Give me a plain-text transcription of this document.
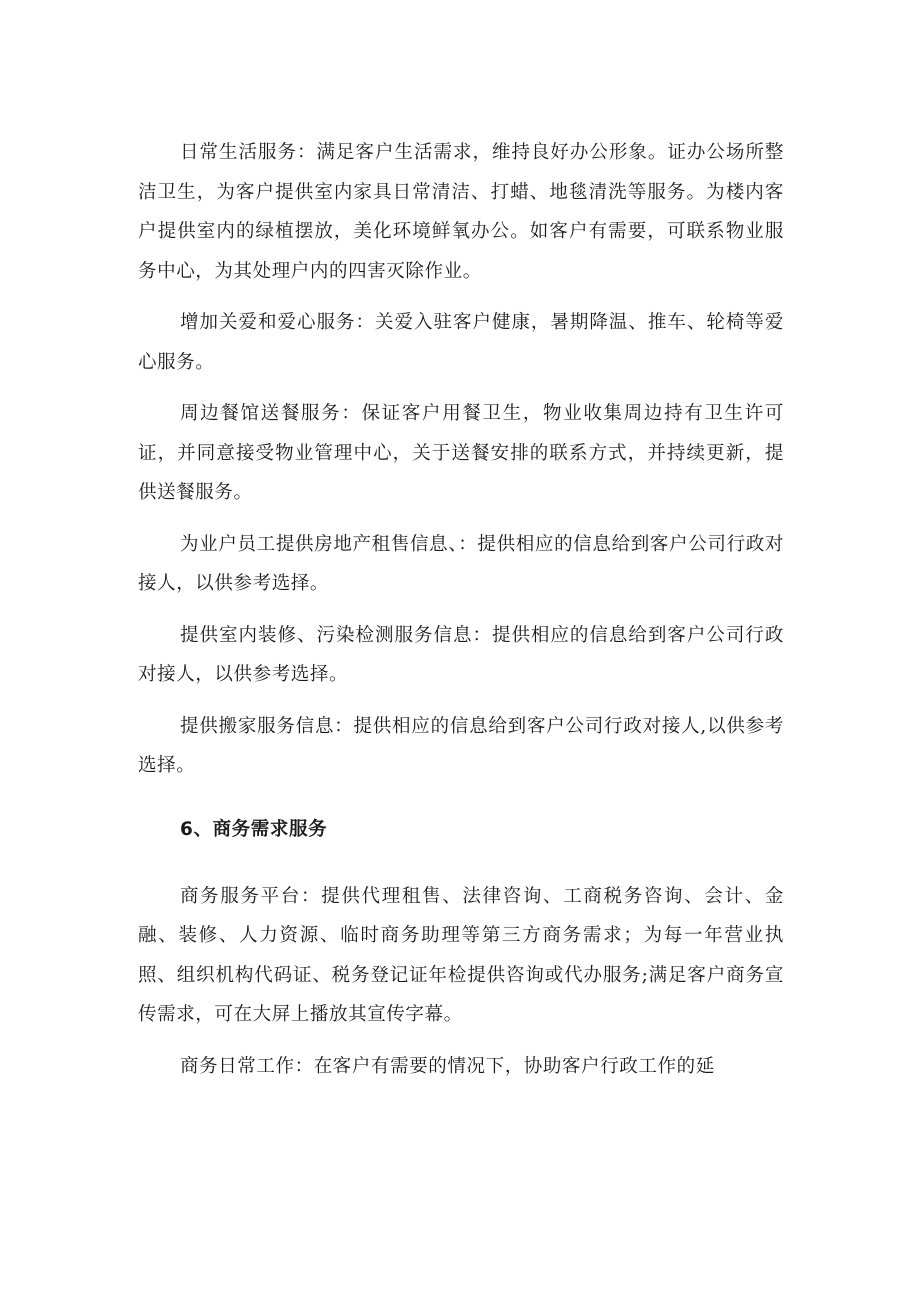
日常生活服务：满足客户生活需求，维持良好办公形象。证办公场所整洁卫生，为客户提供室内家具日常清洁、打蜡、地毯清洗等服务。为楼内客户提供室内的绿植摆放，美化环境鲜氧办公。如客户有需要，可联系物业服务中心，为其处理户内的四害灭除作业。

增加关爱和爱心服务：关爱入驻客户健康，暑期降温、推车、轮椅等爱心服务。

周边餐馆送餐服务：保证客户用餐卫生，物业收集周边持有卫生许可证，并同意接受物业管理中心，关于送餐安排的联系方式，并持续更新，提供送餐服务。

为业户员工提供房地产租售信息、：提供相应的信息给到客户公司行政对接人，以供参考选择。

提供室内装修、污染检测服务信息：提供相应的信息给到客户公司行政对接人，以供参考选择。

提供搬家服务信息：提供相应的信息给到客户公司行政对接人,以供参考选择。

6、商务需求服务

商务服务平台：提供代理租售、法律咨询、工商税务咨询、会计、金融、装修、人力资源、临时商务助理等第三方商务需求；为每一年营业执照、组织机构代码证、税务登记证年检提供咨询或代办服务;满足客户商务宣传需求，可在大屏上播放其宣传字幕。

商务日常工作：在客户有需要的情况下，协助客户行政工作的延
